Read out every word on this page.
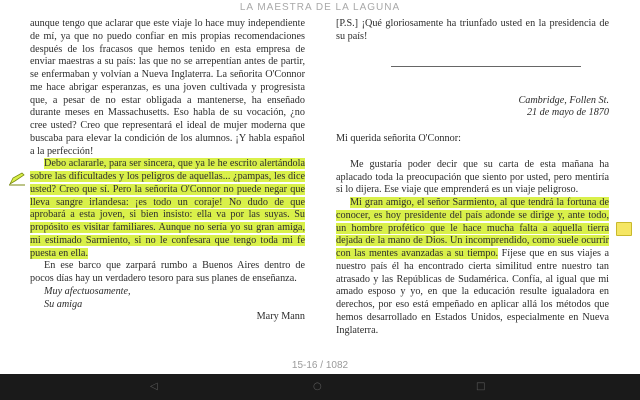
LA MAESTRA DE LA LAGUNA

aunque tengo que aclarar que este viaje lo hace muy independiente de mí, ya que no puedo confiar en mis propias recomendaciones después de los fracasos que hemos tenido en esta empresa de enviar maestras a su país: las que no se arrepentían antes de partir, se enfermaban y volvían a Nueva Inglaterra. La señorita O'Connor me hace abrigar esperanzas, es una joven cultivada y progresista que, a pesar de no estar obligada a mantenerse, ha enseñado durante meses en Massachusetts. Eso habla de su vocación, ¿no cree usted? Creo que representará el ideal de mujer moderna que buscaba para elevar la condición de los alumnos. ¡Y habla español a la perfección!

Debo aclararle, para ser sincera, que ya le he escrito alertándola sobre las dificultades y los peligros de aquellas... ¿pampas, les dice usted? Creo que sí. Pero la señorita O'Connor no puede negar que lleva sangre irlandesa: ¡es todo un coraje! No dudo de que aprobará a esta joven, si bien insisto: ella va por las suyas. Su propósito es visitar familiares. Aunque no sería yo su gran amiga, mi estimado Sarmiento, si no le confesara que tengo toda mi fe puesta en ella.

En ese barco que zarpará rumbo a Buenos Aires dentro de pocos días hay un verdadero tesoro para sus planes de enseñanza.

Muy afectuosamente,

Su amiga

Mary Mann

[P.S.] ¡Qué gloriosamente ha triunfado usted en la presidencia de su país!

Cambridge, Follen St.

21 de mayo de 1870

Mi querida señorita O'Connor:

Me gustaría poder decir que su carta de esta mañana ha aplacado toda la preocupación que siento por usted, pero mentiría si lo dijera. Ese viaje que emprenderá es un viaje peligroso.

Mi gran amigo, el señor Sarmiento, al que tendrá la fortuna de conocer, es hoy presidente del país adonde se dirige y, ante todo, un hombre profético que le hace mucha falta a aquella tierra dejada de la mano de Dios. Un incomprendido, como suele ocurrir con las mentes avanzadas a su tiempo. Fíjese que en sus viajes a nuestro país él ha encontrado cierta similitud entre nuestro tan atrasado y las Repúblicas de Sudamérica. Confía, al igual que mi amado esposo y yo, en que la educación resulte igualadora en derechos, por eso está empeñado en aplicar allá los métodos que hemos desarrollado en Estados Unidos, especialmente en Nueva Inglaterra.

15-16 / 1082
◁	○	□
